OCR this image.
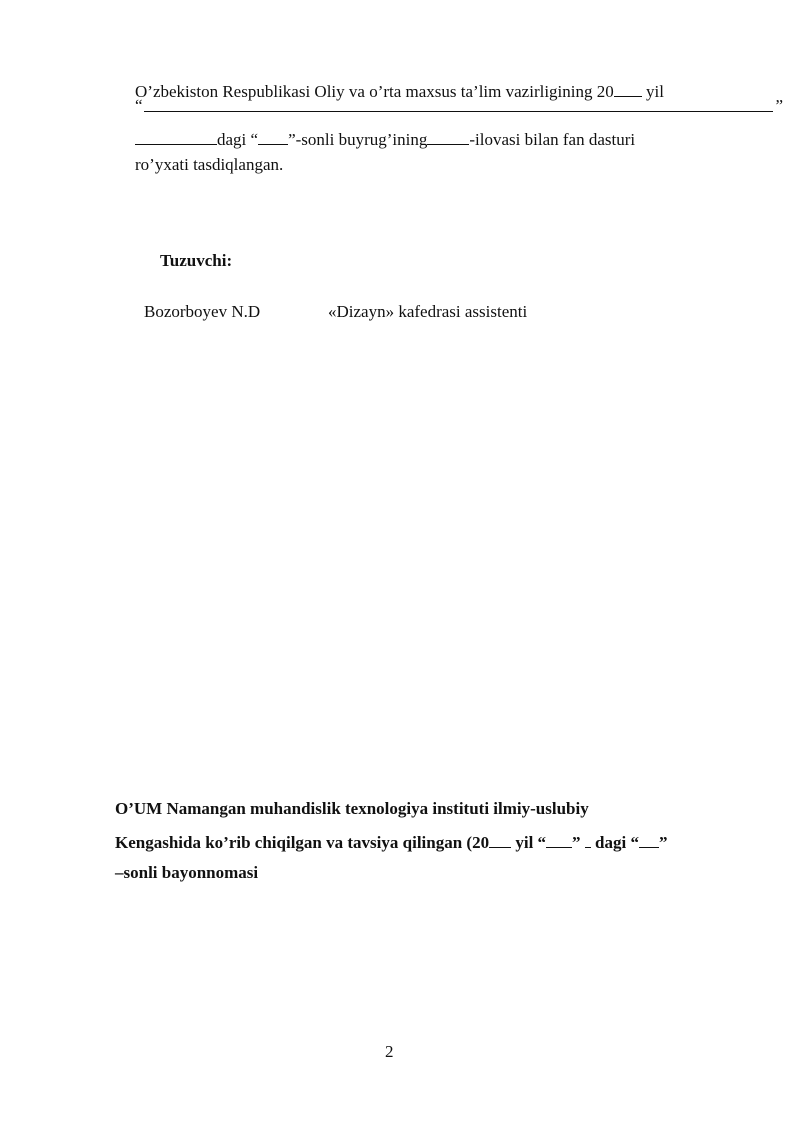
O’zbekiston Respublikasi Oliy va o’rta maxsus ta’lim vazirligining 20 yil
“	”
dagi “ ”-sonli buyrug’ining -ilovasi bilan fan dasturi
ro’yxati tasdiqlangan.
Tuzuvchi:
Bozorboyev N.D	«Dizayn» kafedrasi assistenti
O’UM Namangan muhandislik texnologiya instituti ilmiy-uslubiy
Kengashida ko’rib chiqilgan va tavsiya qilingan (20 yil “ ”  dagi “ ”
–sonli bayonnomasi
2
